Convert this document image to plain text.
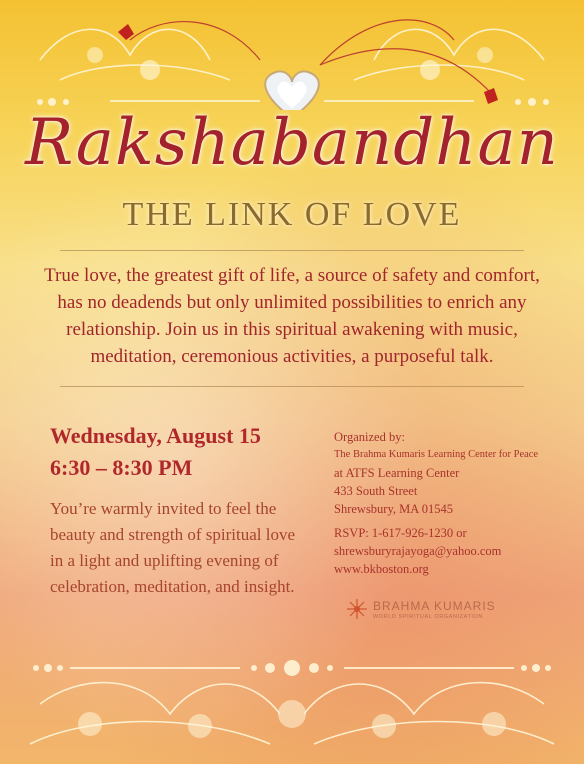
Rakshabandhan
THE LINK OF LOVE
True love, the greatest gift of life, a source of safety and comfort, has no deadends but only unlimited possibilities to enrich any relationship. Join us in this spiritual awakening with music, meditation, ceremonious activities, a purposeful talk.
Wednesday, August 15
6:30 – 8:30 PM
You’re warmly invited to feel the beauty and strength of spiritual love in a light and uplifting evening of celebration, meditation, and insight.
Organized by:
The Brahma Kumaris Learning Center for Peace
at ATFS Learning Center
433 South Street
Shrewsbury, MA 01545
RSVP: 1-617-926-1230 or
shrewsburyrajayoga@yahoo.com
www.bkboston.org
BRAHMA KUMARIS
WORLD SPIRITUAL ORGANIZATION
